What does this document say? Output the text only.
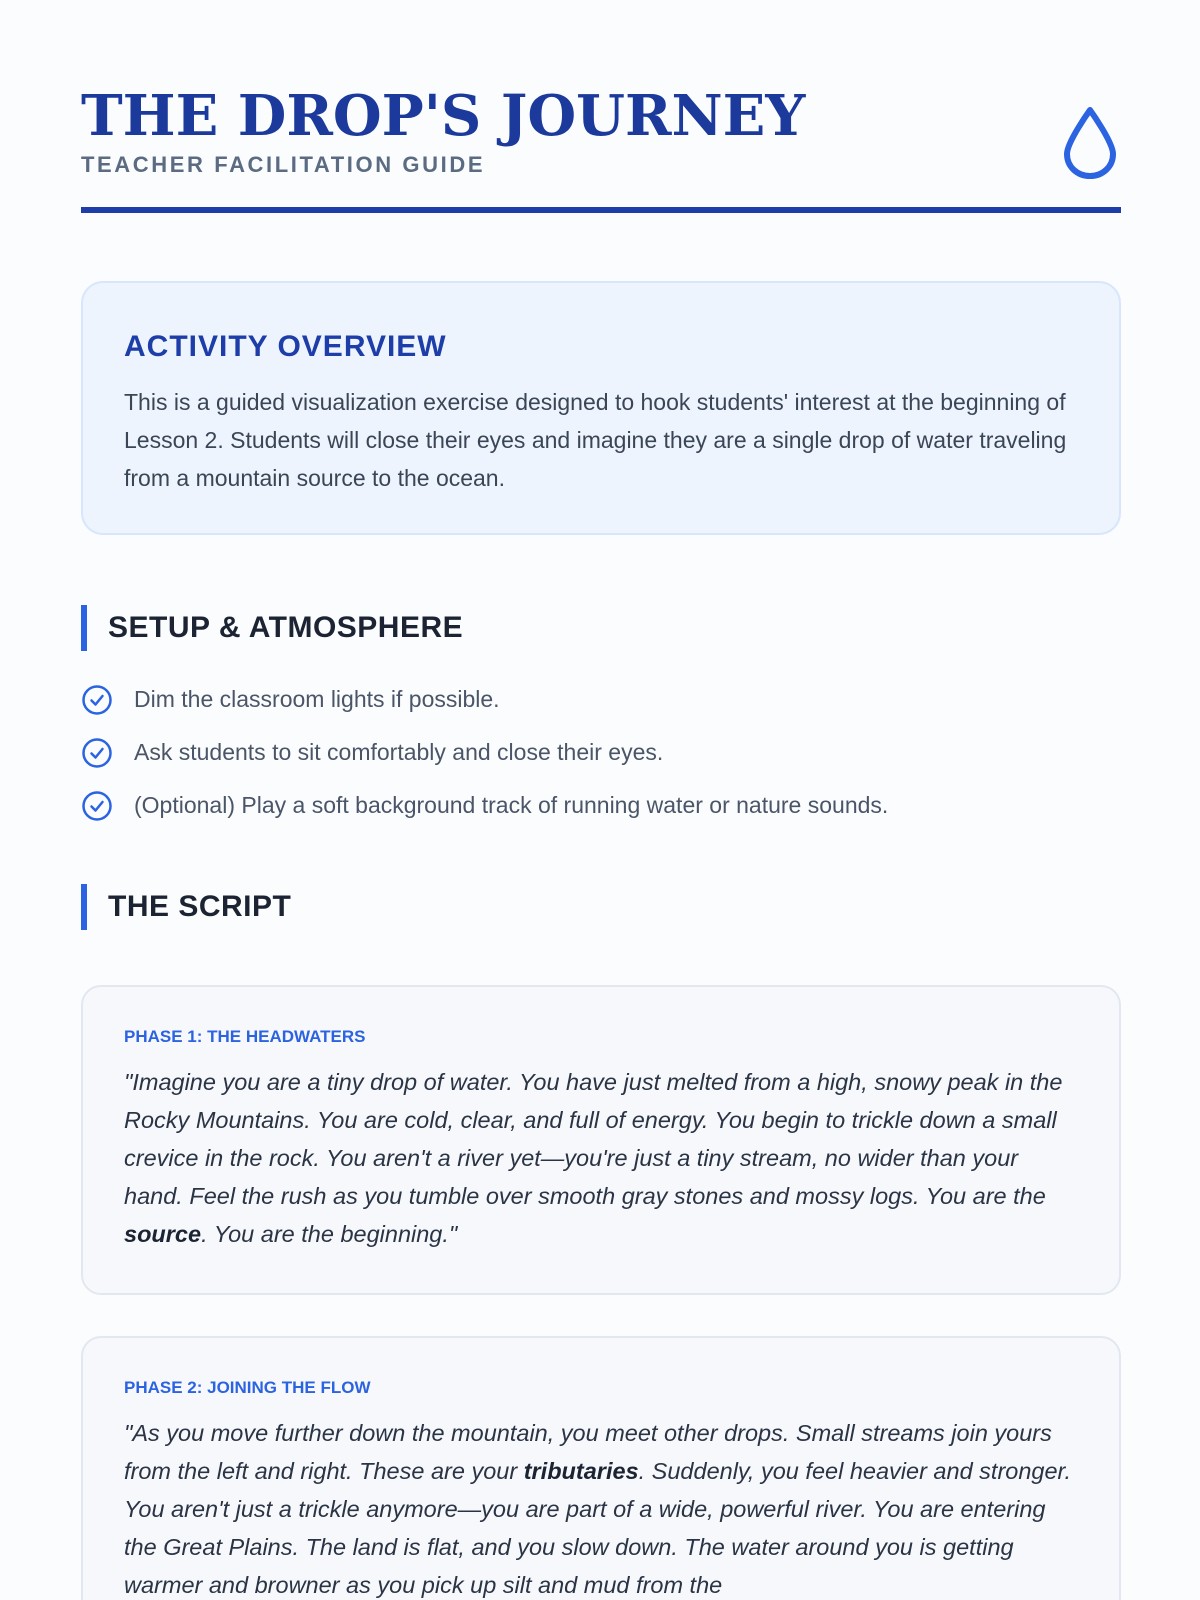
THE DROP'S JOURNEY
TEACHER FACILITATION GUIDE
ACTIVITY OVERVIEW

This is a guided visualization exercise designed to hook students' interest at the beginning of Lesson 2. Students will close their eyes and imagine they are a single drop of water traveling from a mountain source to the ocean.

SETUP & ATMOSPHERE
Dim the classroom lights if possible.
Ask students to sit comfortably and close their eyes.
(Optional) Play a soft background track of running water or nature sounds.
THE SCRIPT
PHASE 1: THE HEADWATERS

"Imagine you are a tiny drop of water. You have just melted from a high, snowy peak in the Rocky Mountains. You are cold, clear, and full of energy. You begin to trickle down a small crevice in the rock. You aren't a river yet—you're just a tiny stream, no wider than your hand. Feel the rush as you tumble over smooth gray stones and mossy logs. You are the source. You are the beginning."

PHASE 2: JOINING THE FLOW

"As you move further down the mountain, you meet other drops. Small streams join yours from the left and right. These are your tributaries. Suddenly, you feel heavier and stronger. You aren't just a trickle anymore—you are part of a wide, powerful river. You are entering the Great Plains. The land is flat, and you slow down. The water around you is getting warmer and browner as you pick up silt and mud from the
